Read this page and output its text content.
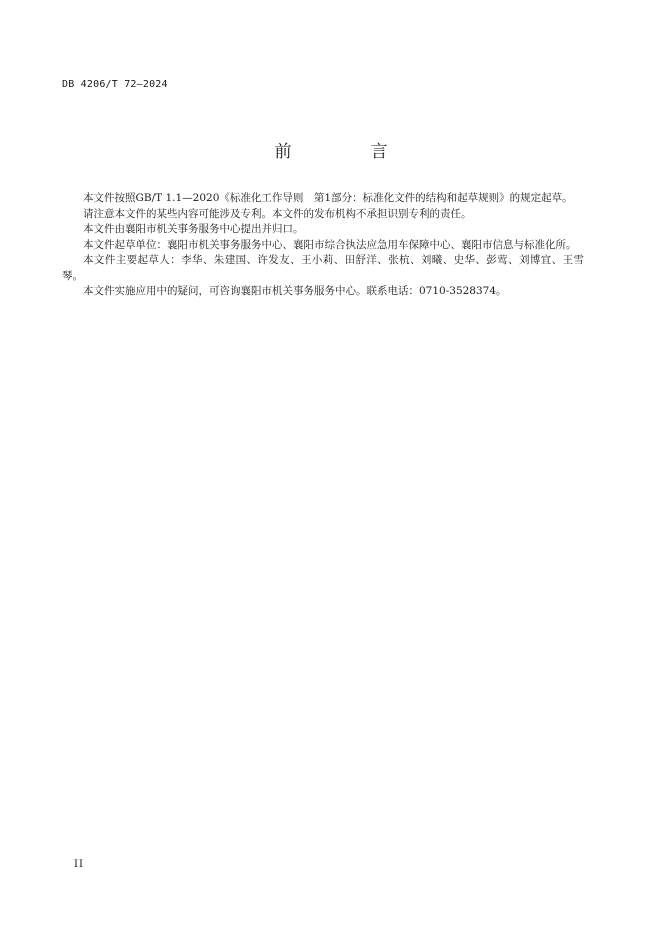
DB 4206/T 72—2024
前　言

本文件按照GB/T 1.1—2020《标准化工作导则　第1部分：标准化文件的结构和起草规则》的规定起草。

请注意本文件的某些内容可能涉及专利。本文件的发布机构不承担识别专利的责任。

本文件由襄阳市机关事务服务中心提出并归口。

本文件起草单位：襄阳市机关事务服务中心、襄阳市综合执法应急用车保障中心、襄阳市信息与标准化所。

本文件主要起草人：李华、朱建国、许发友、王小莉、田舒洋、张杭、刘曦、史华、彭莺、刘博宜、王雪琴。

本文件实施应用中的疑问，可咨询襄阳市机关事务服务中心。联系电话：0710-3528374。

II
